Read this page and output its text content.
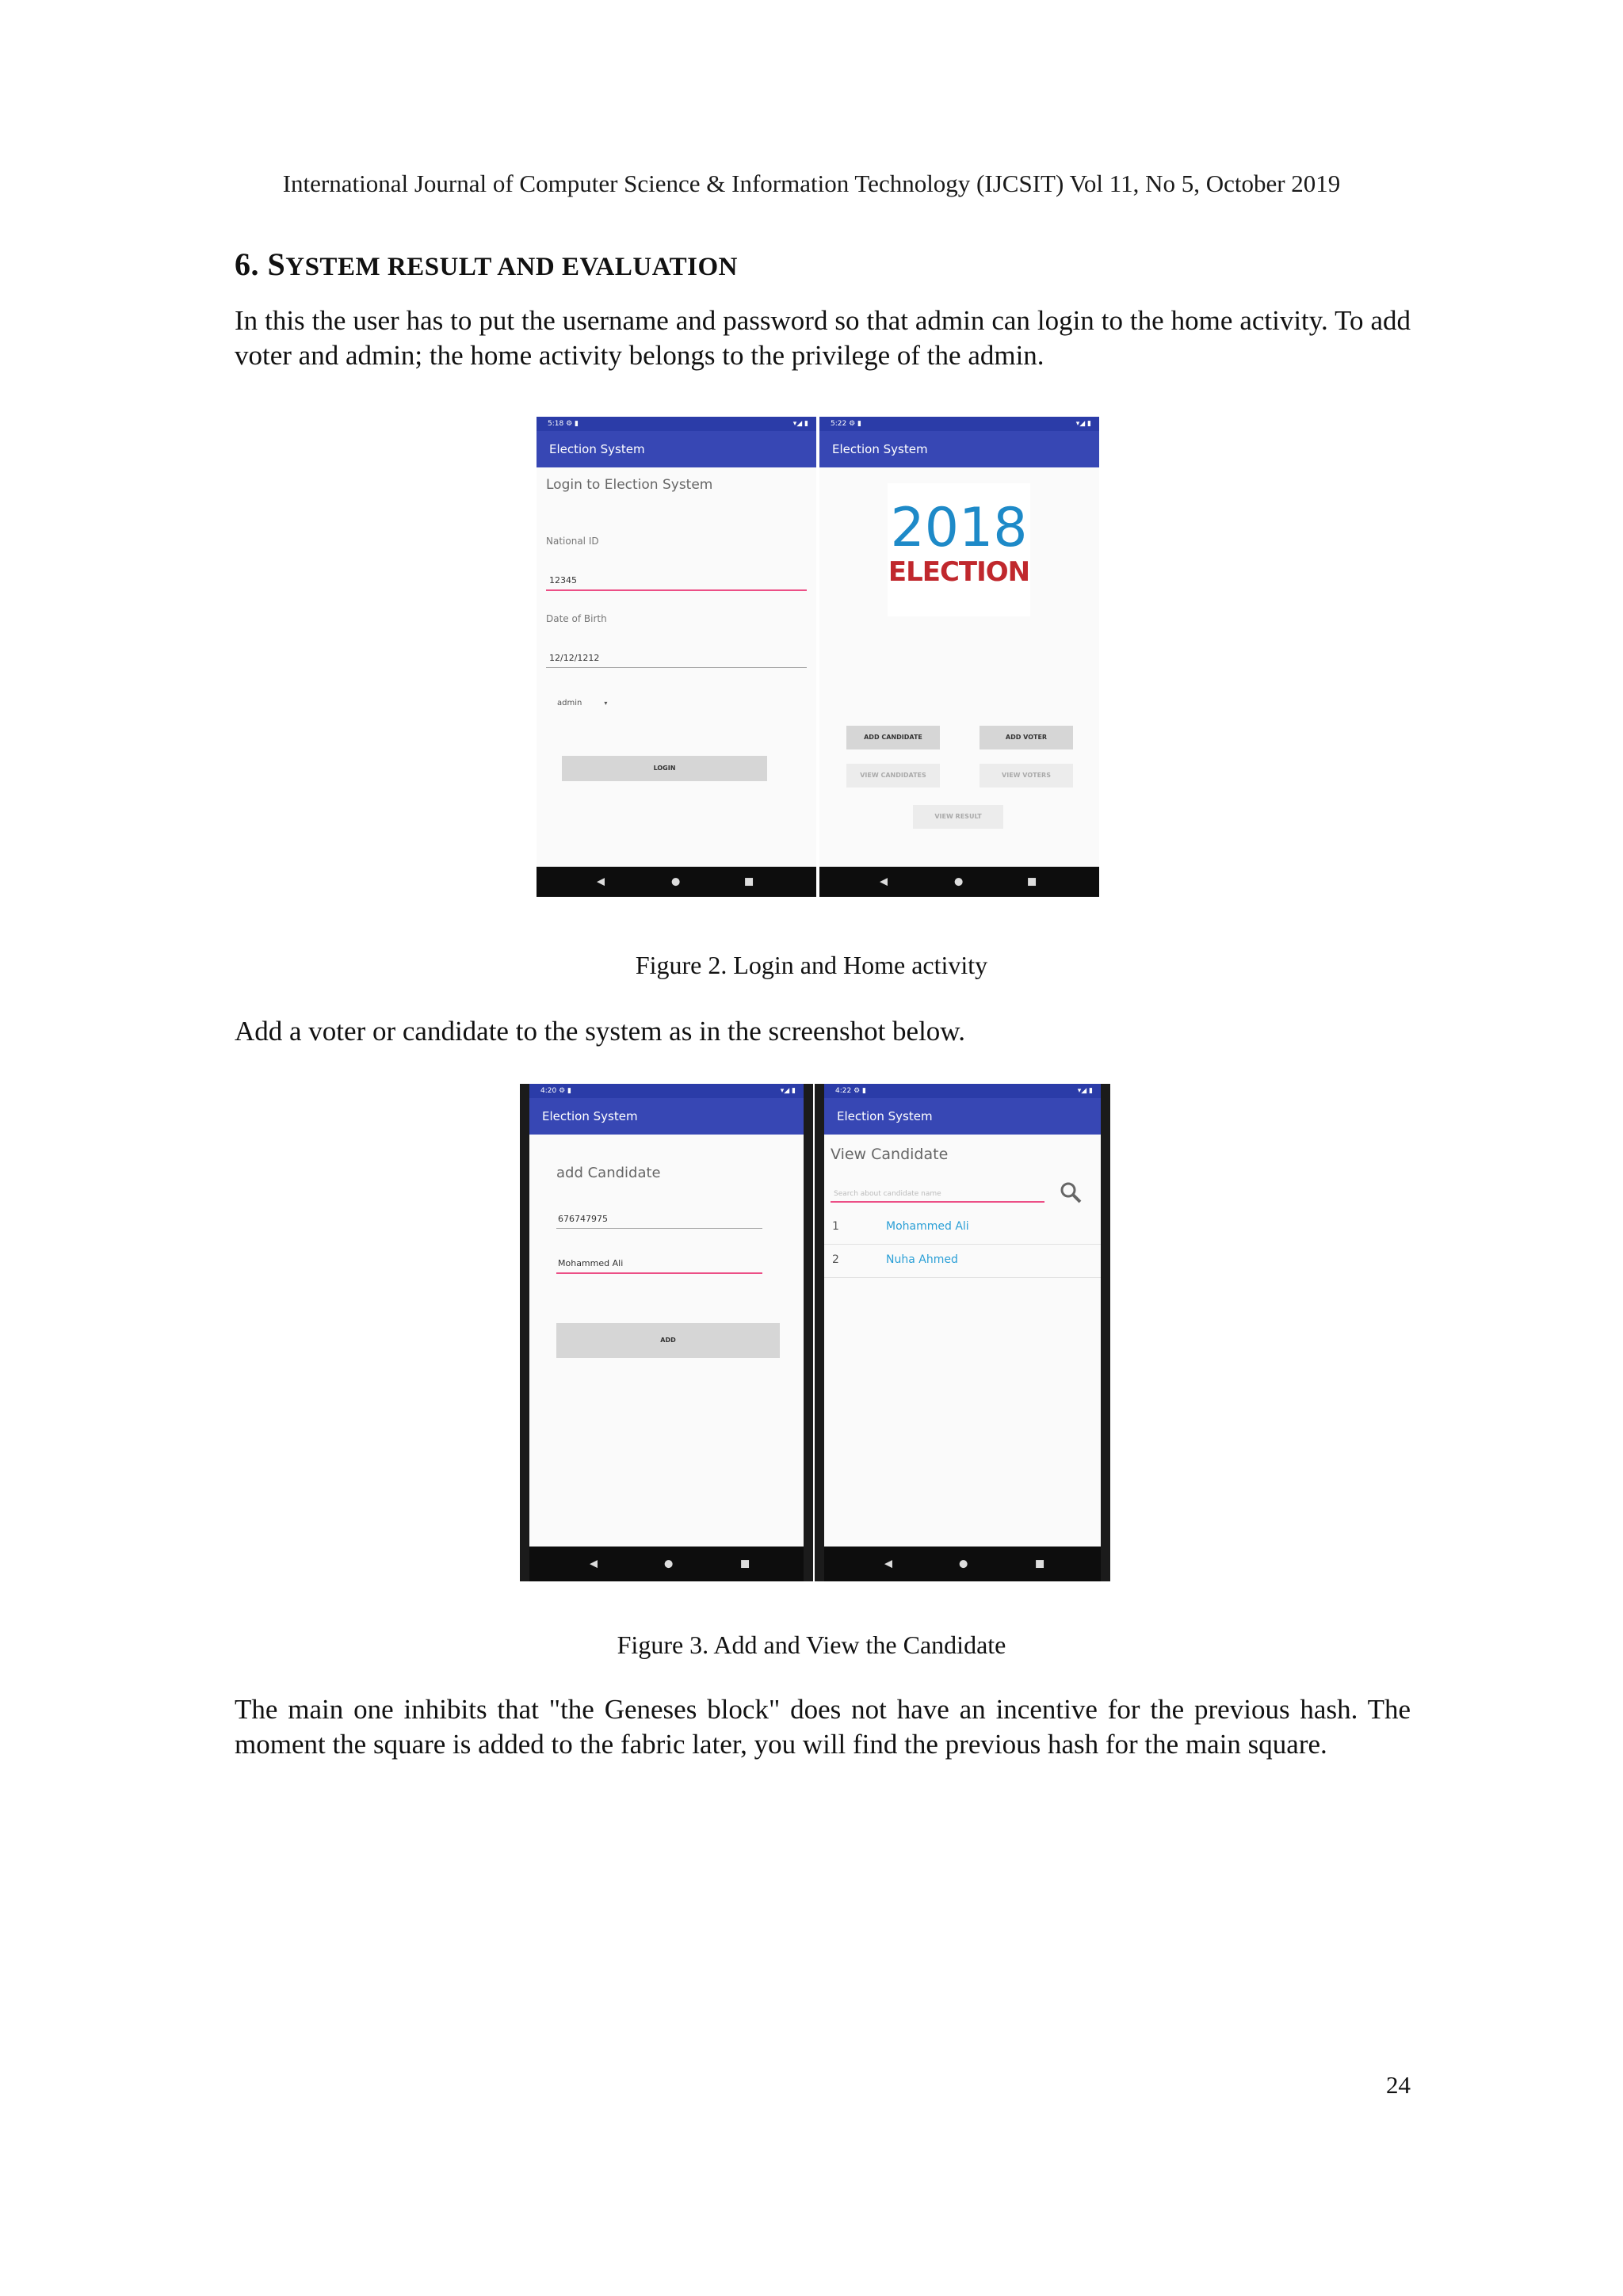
International Journal of Computer Science & Information Technology (IJCSIT) Vol 11, No 5, October 2019
6. SYSTEM RESULT AND EVALUATION
In this the user has to put the username and password so that admin can login to the home activity. To add voter and admin; the home activity belongs to the privilege of the admin.
5:18 ⚙ ▮	▾◢ ▮
Election System
Login to Election System
National ID
12345
Date of Birth
12/12/1212
admin	▾
LOGIN
◀	●	■
5:22 ⚙ ▮	▾◢ ▮
Election System
2018
ELECTION
ADD CANDIDATE	ADD VOTER
VIEW CANDIDATES	VIEW VOTERS
VIEW RESULT
◀	●	■
Figure 2. Login and Home activity
Add a voter or candidate to the system as in the screenshot below.
4:20 ⚙ ▮	▾◢ ▮
Election System
add Candidate
676747975
Mohammed Ali
ADD
◀	●	■
4:22 ⚙ ▮	▾◢ ▮
Election System
View Candidate
Search about candidate name
1	Mohammed Ali
2	Nuha Ahmed
◀	●	■
Figure 3. Add and View the Candidate
The main one inhibits that "the Geneses block" does not have an incentive for the previous hash. The moment the square is added to the fabric later, you will find the previous hash for the main square.
24
